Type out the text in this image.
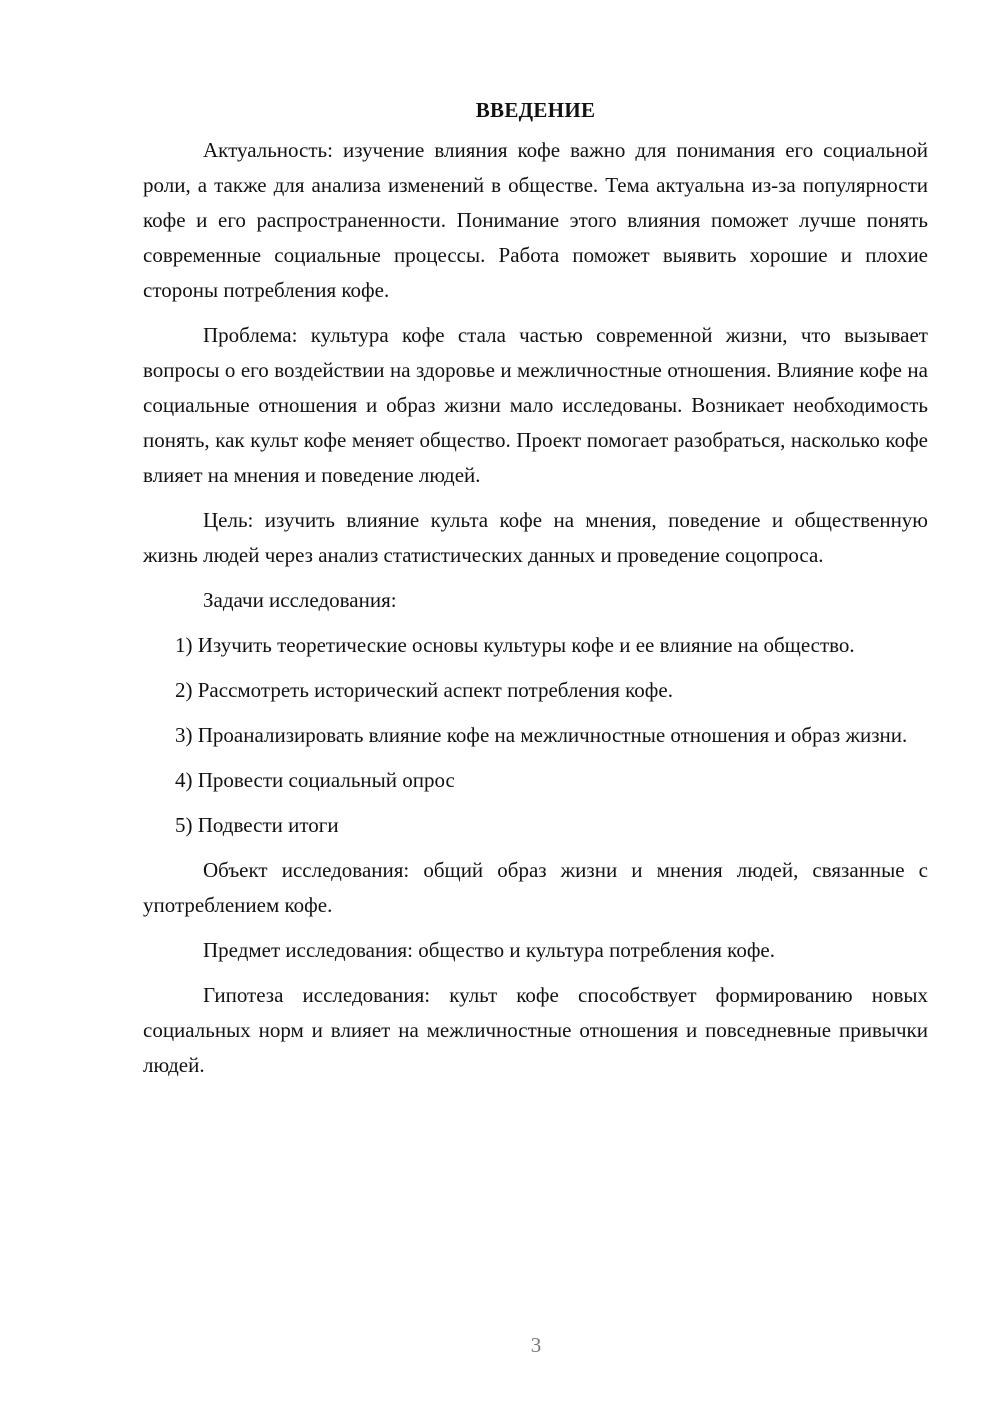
ВВЕДЕНИЕ

Актуальность: изучение влияния кофе важно для понимания его социальной роли, а также для анализа изменений в обществе. Тема актуальна из-за популярности кофе и его распространенности. Понимание этого влияния поможет лучше понять современные социальные процессы. Работа поможет выявить хорошие и плохие стороны потребления кофе.

Проблема: культура кофе стала частью современной жизни, что вызывает вопросы о его воздействии на здоровье и межличностные отношения. Влияние кофе на социальные отношения и образ жизни мало исследованы. Возникает необходимость понять, как культ кофе меняет общество. Проект помогает разобраться, насколько кофе влияет на мнения и поведение людей.

Цель: изучить влияние культа кофе на мнения, поведение и общественную жизнь людей через анализ статистических данных и проведение соцопроса.

Задачи исследования:

1) Изучить теоретические основы культуры кофе и ее влияние на общество.

2) Рассмотреть исторический аспект потребления кофе.

3) Проанализировать влияние кофе на межличностные отношения и образ жизни.

4) Провести социальный опрос

5) Подвести итоги

Объект исследования: общий образ жизни и мнения людей, связанные с употреблением кофе.

Предмет исследования: общество и культура потребления кофе.

Гипотеза исследования: культ кофе способствует формированию новых социальных норм и влияет на межличностные отношения и повседневные привычки людей.

3
